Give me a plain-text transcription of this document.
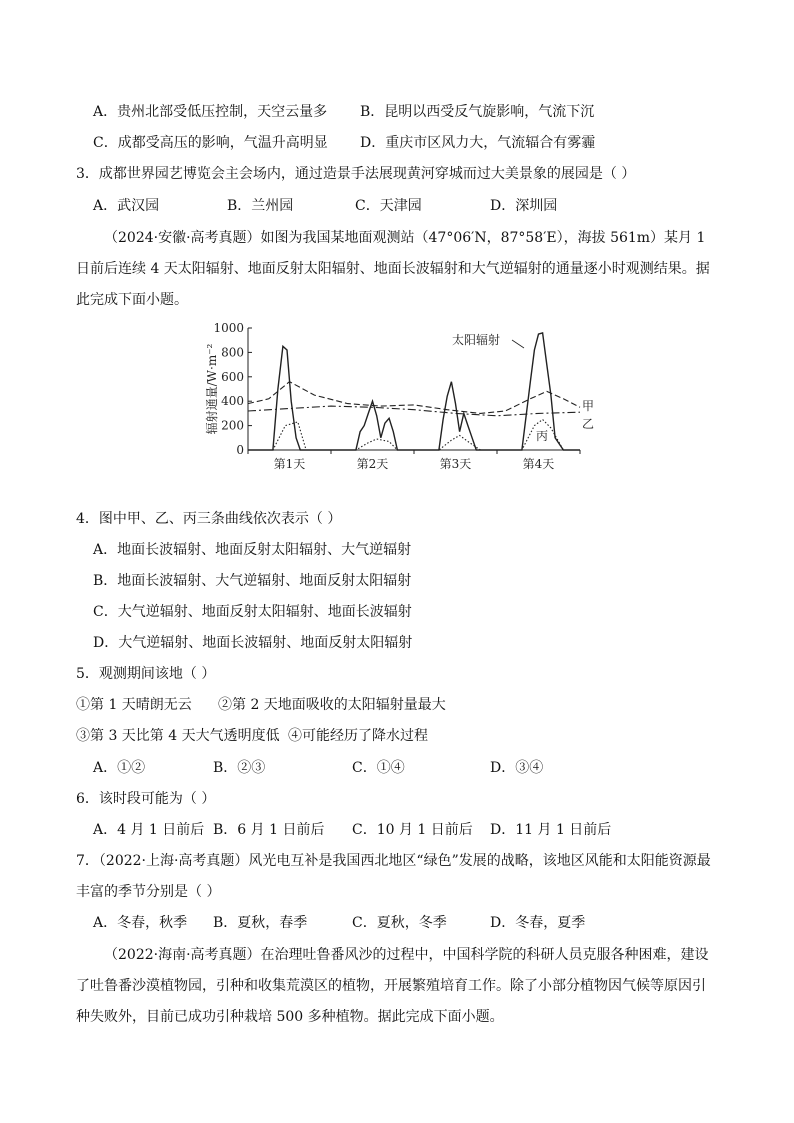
A．贵州北部受低压控制，天空云量多 B．昆明以西受反气旋影响，气流下沉
C．成都受高压的影响，气温升高明显 D．重庆市区风力大，气流辐合有雾霾
3．成都世界园艺博览会主会场内，通过造景手法展现黄河穿城而过大美景象的展园是（ ）
A．武汉园	B．兰州园	C．天津园	D．深圳园
（2024·安徽·高考真题）如图为我国某地面观测站（47°06′N，87°58′E），海拔 561m）某月 1 日前后连续 4 天太阳辐射、地面反射太阳辐射、地面长波辐射和大气逆辐射的通量逐小时观测结果。据此完成下面小题。
0
200
400
600
800
1000
第1天	第2天	第3天	第4天
辐射通量/W·m⁻²
太阳辐射
甲
乙
丙
4．图中甲、乙、丙三条曲线依次表示（ ）
A．地面长波辐射、地面反射太阳辐射、大气逆辐射
B．地面长波辐射、大气逆辐射、地面反射太阳辐射
C．大气逆辐射、地面反射太阳辐射、地面长波辐射
D．大气逆辐射、地面长波辐射、地面反射太阳辐射
5．观测期间该地（ ）
①第 1 天晴朗无云 ②第 2 天地面吸收的太阳辐射量最大
③第 3 天比第 4 天大气透明度低 ④可能经历了降水过程
A．①②	B．②③	C．①④	D．③④
6．该时段可能为（ ）
A．4 月 1 日前后 B．6 月 1 日前后 C．10 月 1 日前后 D．11 月 1 日前后
7．（2022·上海·高考真题）风光电互补是我国西北地区“绿色”发展的战略，该地区风能和太阳能资源最丰富的季节分别是（ ）
A．冬春，秋季 B．夏秋，春季	C．夏秋，冬季	D．冬春，夏季
（2022·海南·高考真题）在治理吐鲁番风沙的过程中，中国科学院的科研人员克服各种困难，建设了吐鲁番沙漠植物园，引种和收集荒漠区的植物，开展繁殖培育工作。除了小部分植物因气候等原因引种失败外，目前已成功引种栽培 500 多种植物。据此完成下面小题。
